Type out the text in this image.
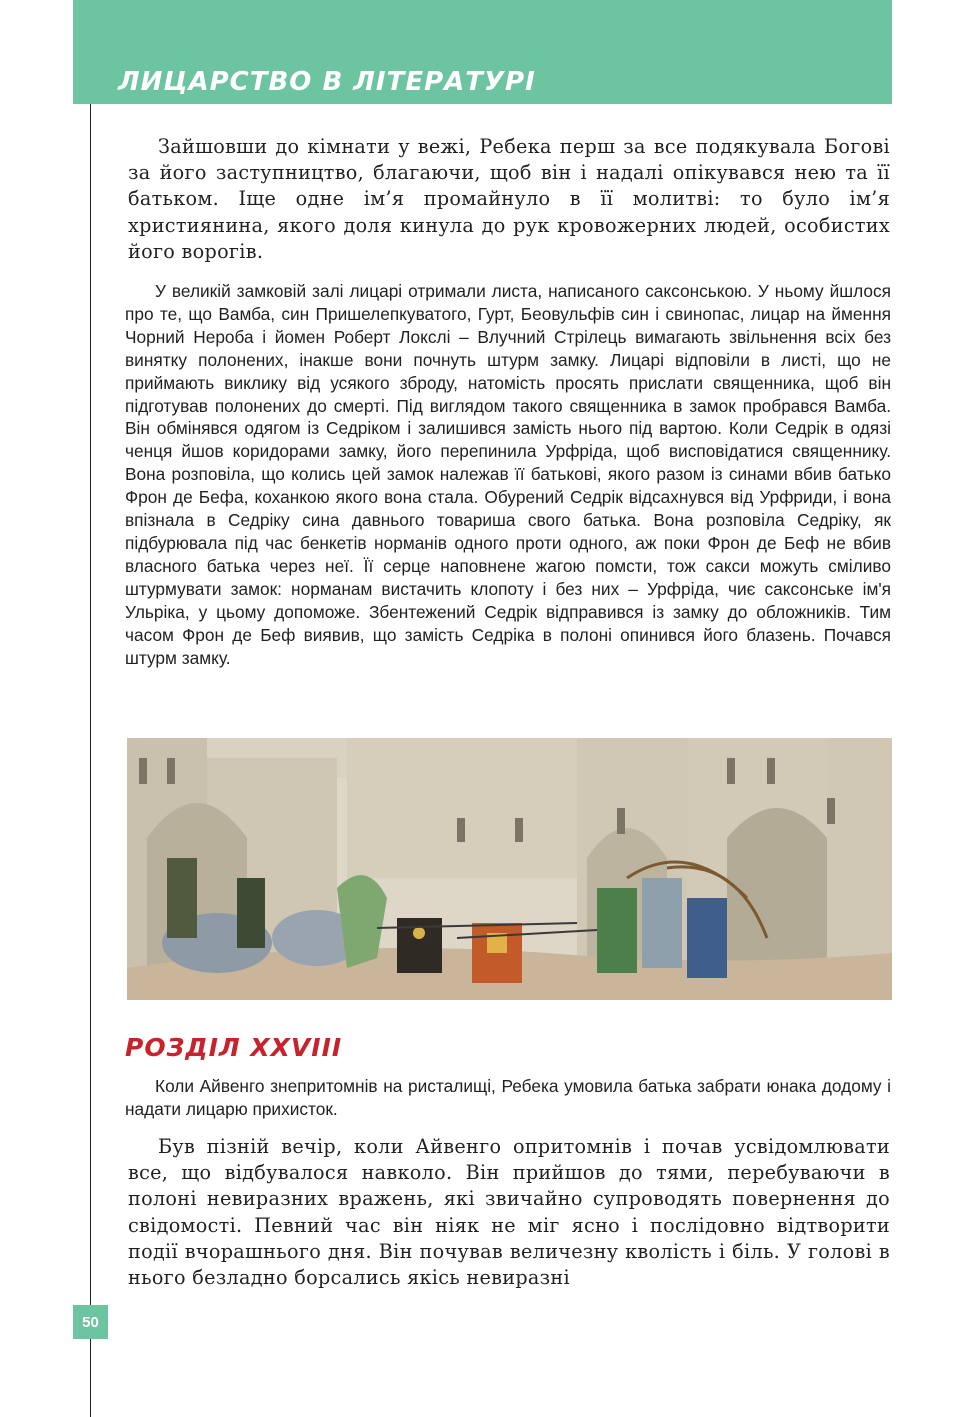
ЛИЦАРСТВО В ЛІТЕРАТУРІ

Зайшовши до кімнати у вежі, Ребека перш за все подякувала Богові за його заступництво, благаючи, щоб він і надалі опікувався нею та її батьком. Іще одне ім’я промайнуло в її молитві: то було ім’я християнина, якого доля кинула до рук кровожерних людей, особистих його ворогів.

У великій замковій залі лицарі отримали листа, написаного саксонською. У ньому йшлося про те, що Вамба, син Пришелепкуватого, Гурт, Беовульфів син і свинопас, лицар на ймення Чорний Нероба і йомен Роберт Локслі – Влучний Стрілець вимагають звільнення всіх без винятку полонених, інакше вони почнуть штурм замку. Лицарі відповіли в листі, що не приймають виклику від усякого зброду, натомість просять прислати священника, щоб він підготував полонених до смерті. Під виглядом такого священника в замок пробрався Вамба. Він обмінявся одягом із Седріком і залишився замість нього під вартою. Коли Седрік в одязі ченця йшов коридорами замку, його перепинила Урфріда, щоб висповідатися священнику. Вона розповіла, що колись цей замок належав її батькові, якого разом із синами вбив батько Фрон де Бефа, коханкою якого вона стала. Обурений Седрік відсахнувся від Урфриди, і вона впізнала в Седріку сина давнього товариша свого батька. Вона розповіла Седріку, як підбурювала під час бенкетів норманів одного проти одного, аж поки Фрон де Беф не вбив власного батька через неї. Її серце наповнене жагою помсти, тож сакси можуть сміливо штурмувати замок: норманам вистачить клопоту і без них – Урфріда, чиє саксонське ім'я Ульріка, у цьому допоможе. Збентежений Седрік відправився із замку до обложників. Тим часом Фрон де Беф виявив, що замість Седріка в полоні опинився його блазень. Почався штурм замку.

РОЗДІЛ XXVIII

Коли Айвенго знепритомнів на ристалищі, Ребека умовила батька забрати юнака додому і надати лицарю прихисток.

Був пізній вечір, коли Айвенго опритомнів і почав усвідомлювати все, що відбувалося навколо. Він прийшов до тями, перебуваючи в полоні невиразних вражень, які звичайно супроводять повернення до свідомості. Певний час він ніяк не міг ясно і послідовно відтворити події вчорашнього дня. Він почував величезну кволість і біль. У голові в нього безладно борсались якісь невиразні

50
